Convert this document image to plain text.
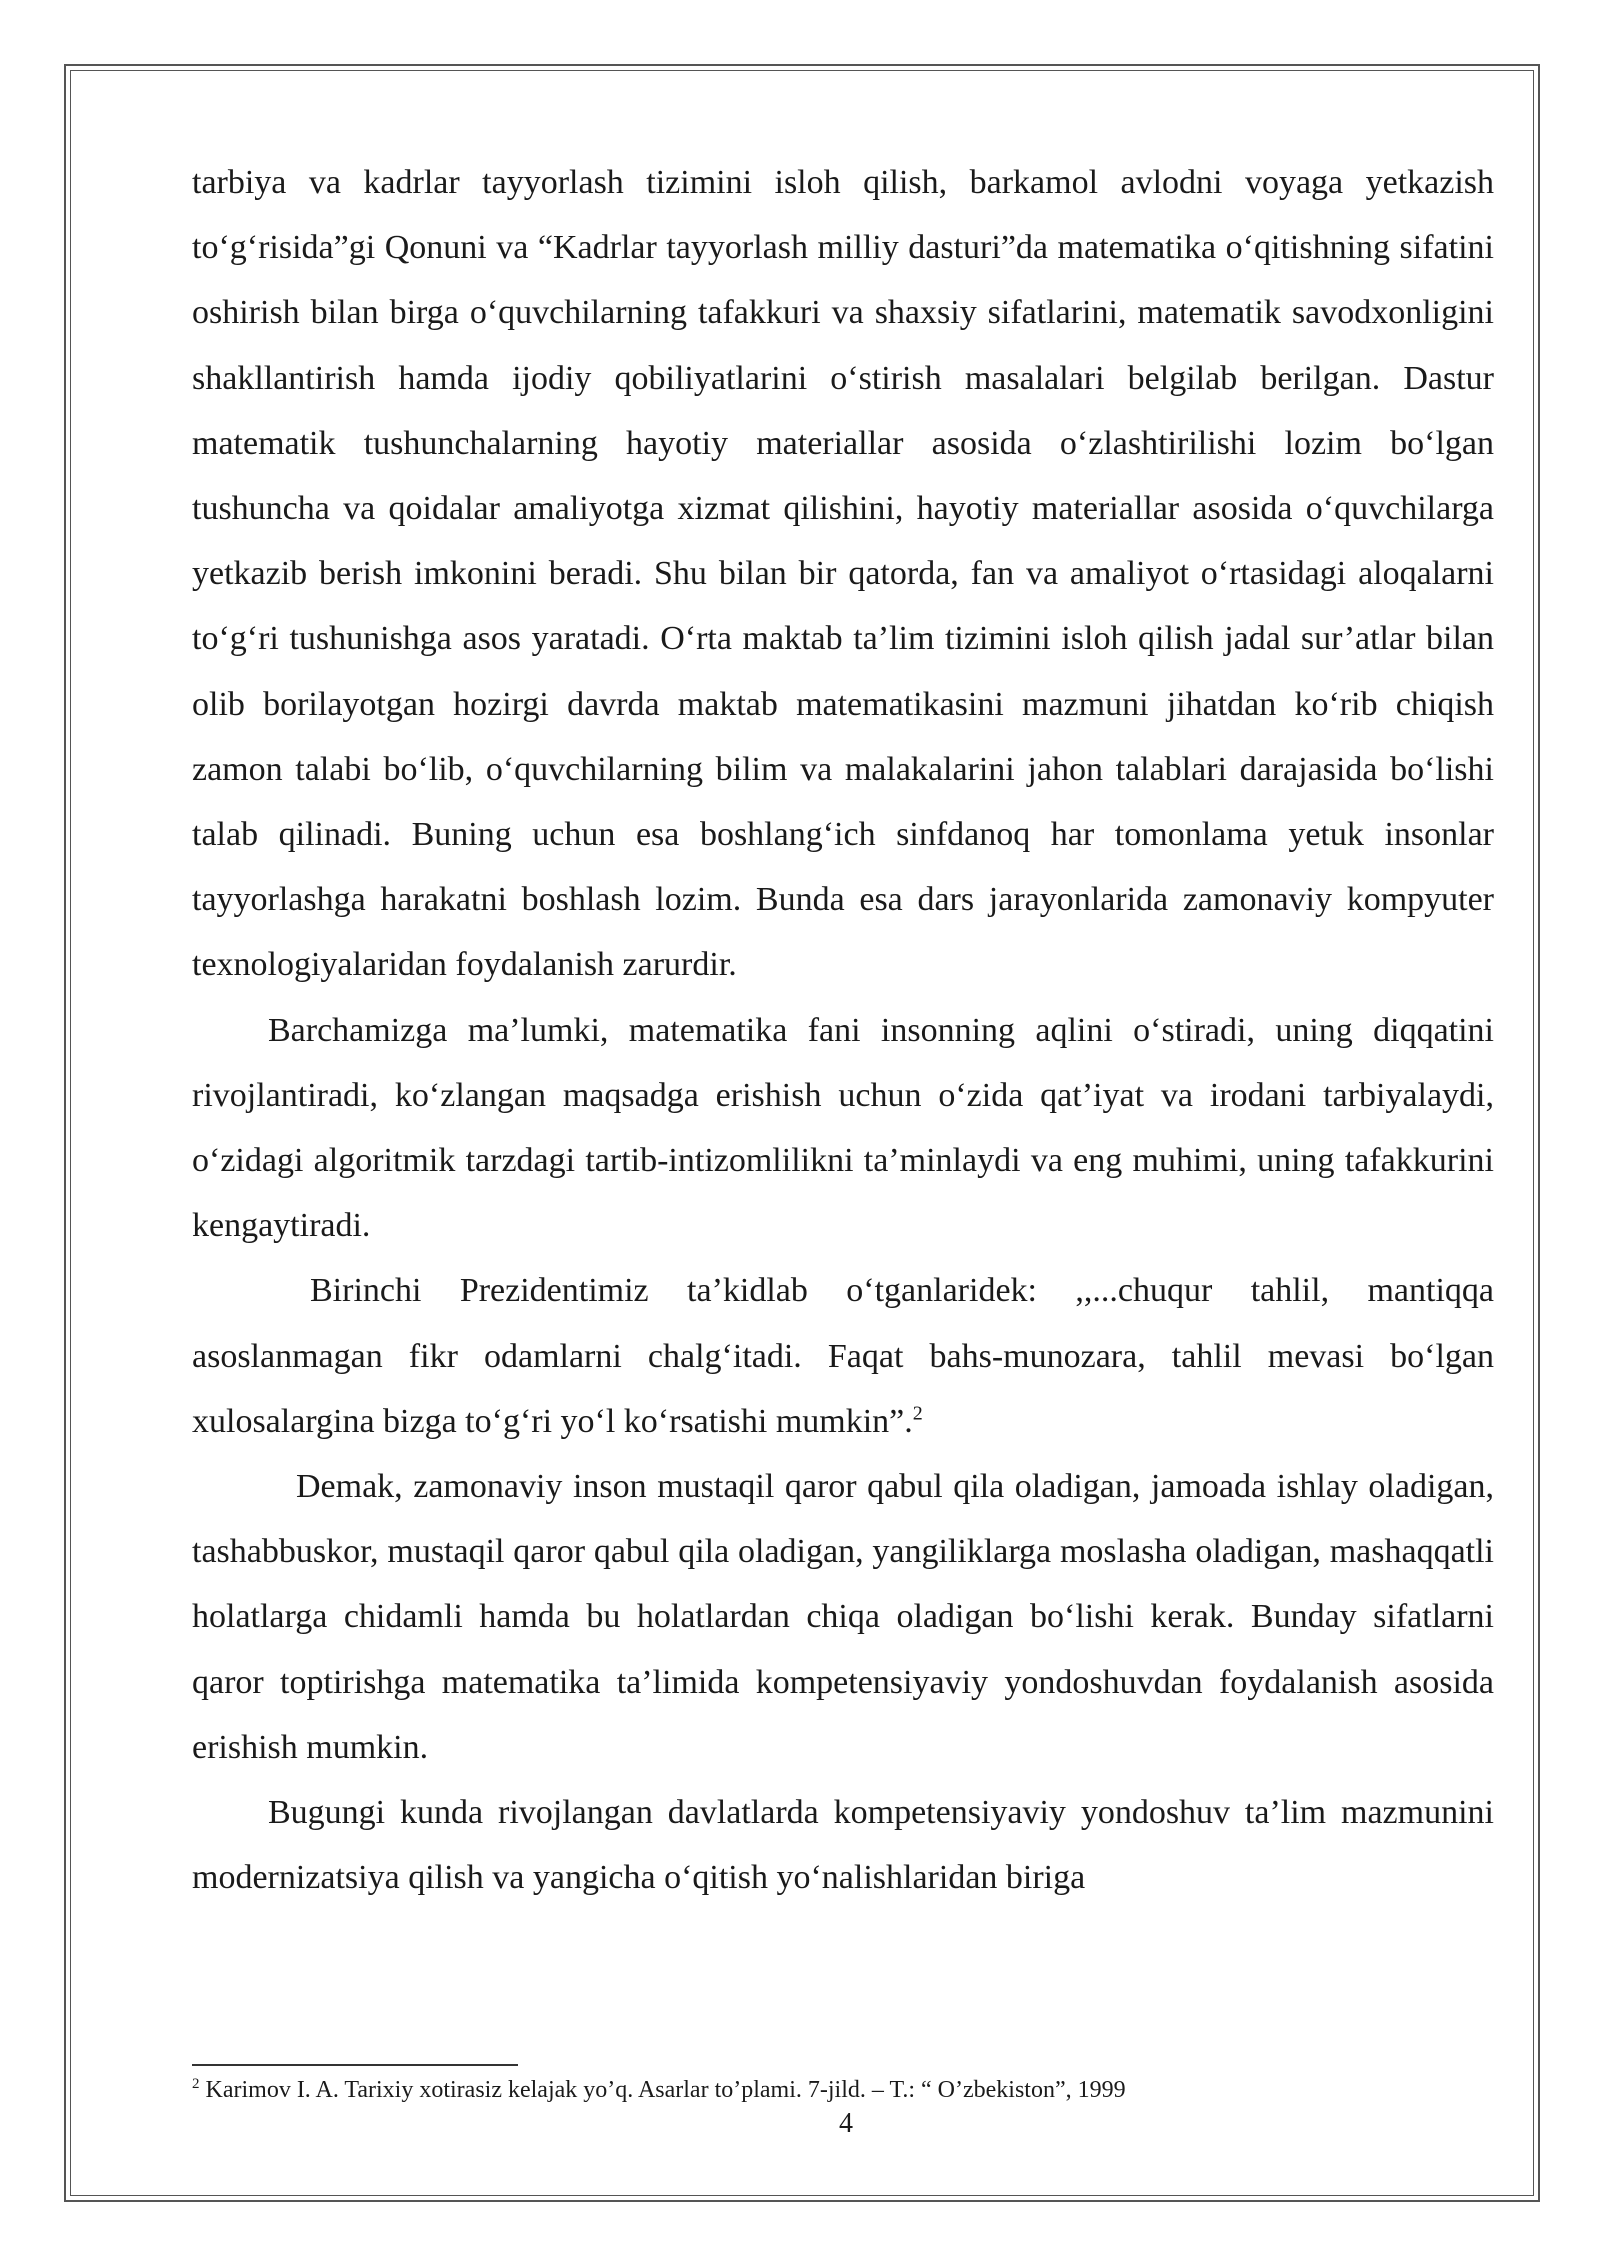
tarbiya va kadrlar tayyorlash tizimini isloh qilish, barkamol avlodni voyaga yetkazish to‘g‘risida”gi Qonuni va “Kadrlar tayyorlash milliy dasturi”da matematika o‘qitishning sifatini oshirish bilan birga o‘quvchilarning tafakkuri va shaxsiy sifatlarini, matematik savodxonligini shakllantirish hamda ijodiy qobiliyatlarini o‘stirish masalalari belgilab berilgan. Dastur matematik tushunchalarning hayotiy materiallar asosida o‘zlashtirilishi lozim bo‘lgan tushuncha va qoidalar amaliyotga xizmat qilishini, hayotiy materiallar asosida o‘quvchilarga yetkazib berish imkonini beradi. Shu bilan bir qatorda, fan va amaliyot o‘rtasidagi aloqalarni to‘g‘ri tushunishga asos yaratadi. O‘rta maktab ta’lim tizimini isloh qilish jadal sur’atlar bilan olib borilayotgan hozirgi davrda maktab matematikasini mazmuni jihatdan ko‘rib chiqish zamon talabi bo‘lib, o‘quvchilarning bilim va malakalarini jahon talablari darajasida bo‘lishi talab qilinadi. Buning uchun esa boshlang‘ich sinfdanoq har tomonlama yetuk insonlar tayyorlashga harakatni boshlash lozim. Bunda esa dars jarayonlarida zamonaviy kompyuter texnologiyalaridan foydalanish zarurdir.

Barchamizga ma’lumki, matematika fani insonning aqlini o‘stiradi, uning diqqatini rivojlantiradi, ko‘zlangan maqsadga erishish uchun o‘zida qat’iyat va irodani tarbiyalaydi, o‘zidagi algoritmik tarzdagi tartib-intizomlilikni ta’minlaydi va eng muhimi, uning tafakkurini kengaytiradi.

Birinchi Prezidentimiz ta’kidlab o‘tganlaridek: ,,...chuqur tahlil, mantiqqa asoslanmagan fikr odamlarni chalg‘itadi. Faqat bahs-munozara, tahlil mevasi bo‘lgan xulosalargina bizga to‘g‘ri yo‘l ko‘rsatishi mumkin”.$^2$

Demak, zamonaviy inson mustaqil qaror qabul qila oladigan, jamoada ishlay oladigan, tashabbuskor, mustaqil qaror qabul qila oladigan, yangiliklarga moslasha oladigan, mashaqqatli holatlarga chidamli hamda bu holatlardan chiqa oladigan bo‘lishi kerak. Bunday sifatlarni qaror toptirishga matematika ta’limida kompetensiyaviy yondoshuvdan foydalanish asosida erishish mumkin.

Bugungi kunda rivojlangan davlatlarda kompetensiyaviy yondoshuv ta’lim mazmunini modernizatsiya qilish va yangicha o‘qitish yo‘nalishlaridan biriga

$^2$ Karimov I. A. Tarixiy xotirasiz kelajak yo’q. Asarlar to’plami. 7-jild. – T.: “ O’zbekiston”, 1999
4
